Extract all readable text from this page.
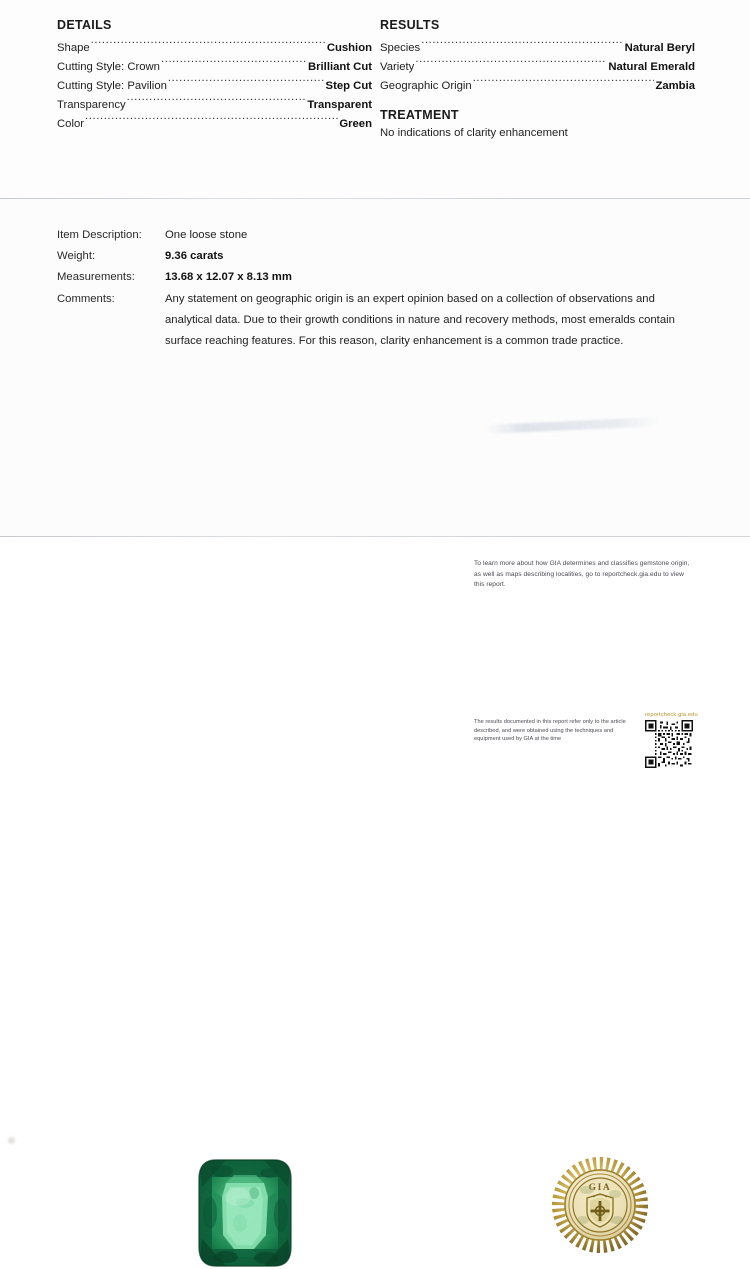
DETAILS
Shape .....	Cushion
Cutting Style: Crown .....	Brilliant Cut
Cutting Style: Pavilion .....	Step Cut
Transparency .....	Transparent
Color .....	Green
RESULTS
Species .....	Natural Beryl
Variety .....	Natural Emerald
Geographic Origin .....	Zambia
TREATMENT
No indications of clarity enhancement
Item Description:	One loose stone
Weight:	9.36 carats
Measurements:	13.68 x 12.07 x 8.13 mm
Comments:	Any statement on geographic origin is an expert opinion based on a collection of observations and analytical data. Due to their growth conditions in nature and recovery methods, most emeralds contain surface reaching features. For this reason, clarity enhancement is a common trade practice.
To learn more about how GIA determines and classifies gemstone origin, as well as maps describing localities, go to reportcheck.gia.edu to view this report.
The results documented in this report refer only to the article described, and were obtained using the techniques and equipment used by GIA at the time
reportcheck.gia.edu
GIA
